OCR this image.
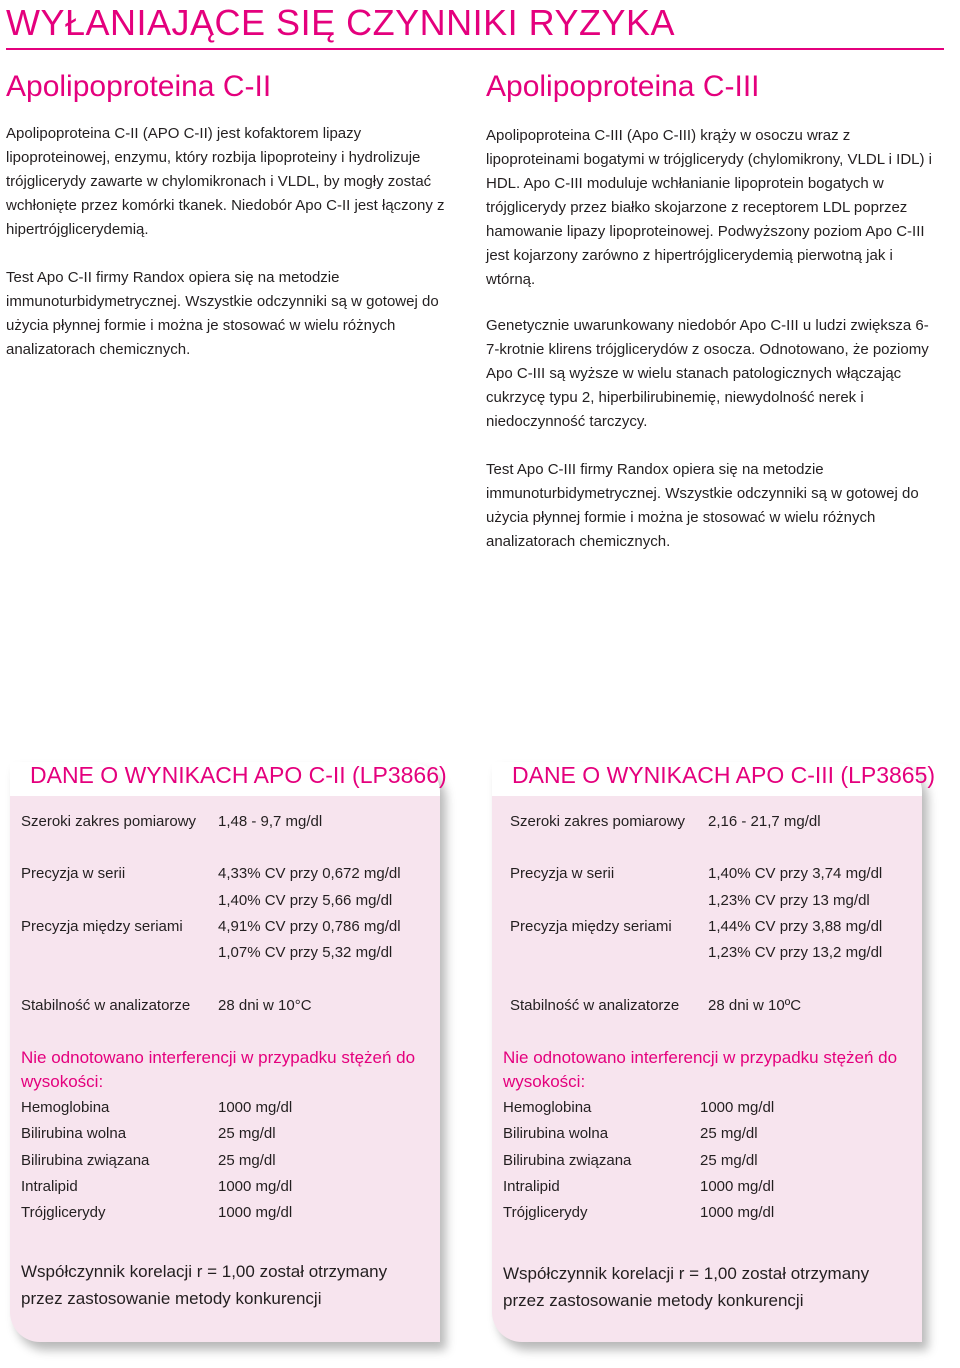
WYŁANIAJĄCE SIĘ CZYNNIKI RYZYKA
Apolipoproteina C-II

Apolipoproteina C-II (APO C-II) jest kofaktorem lipazy lipoproteinowej, enzymu, który rozbija lipoproteiny i hydrolizuje trójglicerydy zawarte w chylomikronach i VLDL, by mogły zostać wchłonięte przez komórki tkanek. Niedobór Apo C-II jest łączony z hipertrójglicerydemią.

Test Apo C-II firmy Randox opiera się na metodzie immunoturbidymetrycznej. Wszystkie odczynniki są w gotowej do użycia płynnej formie i można je stosować w wielu różnych analizatorach chemicznych.

Apolipoproteina C-III

Apolipoproteina C-III (Apo C-III) krąży w osoczu wraz z lipoproteinami bogatymi w trójglicerydy (chylomikrony, VLDL i IDL) i HDL. Apo C-III moduluje wchłanianie lipoprotein bogatych w trójglicerydy przez białko skojarzone z receptorem LDL poprzez hamowanie lipazy lipoproteinowej. Podwyższony poziom Apo C-III jest kojarzony zarówno z hipertrójglicerydemią pierwotną jak i wtórną.

Genetycznie uwarunkowany niedobór Apo C-III u ludzi zwiększa 6-7-krotnie klirens trójglicerydów z osocza. Odnotowano, że poziomy Apo C-III są wyższe w wielu stanach patologicznych włączając cukrzycę typu 2, hiperbilirubinemię, niewydolność nerek i niedoczynność tarczycy.

Test Apo C-III firmy Randox opiera się na metodzie immunoturbidymetrycznej. Wszystkie odczynniki są w gotowej do użycia płynnej formie i można je stosować w wielu różnych analizatorach chemicznych.

DANE O WYNIKACH APO C-II (LP3866)
Szeroki zakres pomiarowy 1,48 - 9,7 mg/dl
Precyzja w serii	4,33% CV przy 0,672 mg/dl
1,40% CV przy 5,66 mg/dl
Precyzja między seriami 4,91% CV przy 0,786 mg/dl
1,07% CV przy 5,32 mg/dl
Stabilność w analizatorze 28 dni w 10°C
Nie odnotowano interferencji w przypadku stężeń do wysokości:
Hemoglobina	1000 mg/dl
Bilirubina wolna	25 mg/dl
Bilirubina związana	25 mg/dl
Intralipid	1000 mg/dl
Trójglicerydy	1000 mg/dl
Współczynnik korelacji r = 1,00 został otrzymany przez zastosowanie metody konkurencji
DANE O WYNIKACH APO C-III (LP3865)
Szeroki zakres pomiarowy 2,16 - 21,7 mg/dl
Precyzja w serii	1,40% CV przy 3,74 mg/dl
1,23% CV przy 13 mg/dl
Precyzja między seriami 1,44% CV przy 3,88 mg/dl
1,23% CV przy 13,2 mg/dl
Stabilność w analizatorze 28 dni w 10ºC
Nie odnotowano interferencji w przypadku stężeń do wysokości:
Hemoglobina	1000 mg/dl
Bilirubina wolna	25 mg/dl
Bilirubina związana	25 mg/dl
Intralipid	1000 mg/dl
Trójglicerydy	1000 mg/dl
Współczynnik korelacji r = 1,00 został otrzymany przez zastosowanie metody konkurencji
